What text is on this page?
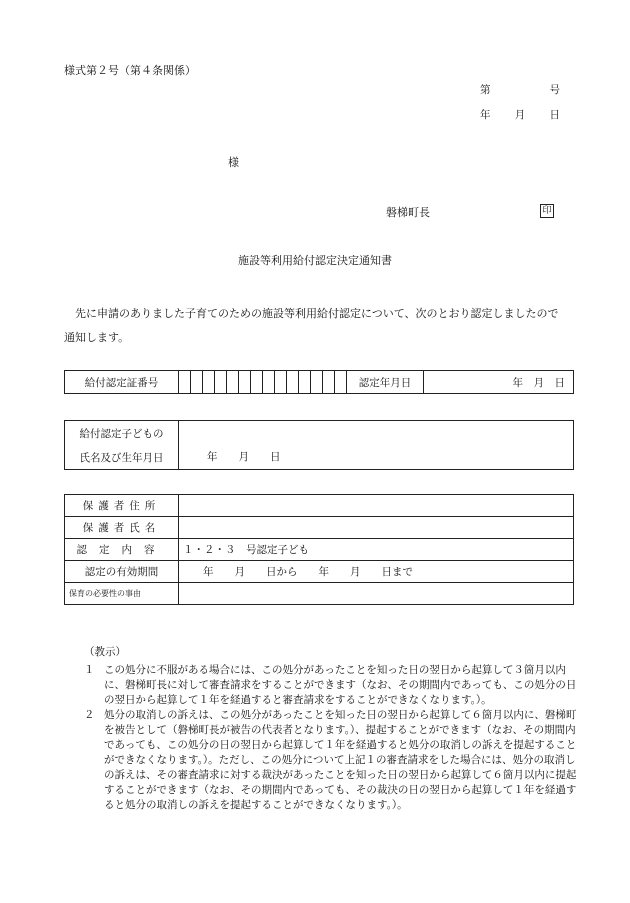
様式第２号（第４条関係）
第	号
年 月 日
様
磐梯町長	印
施設等利用給付認定決定通知書
先に申請のありました子育てのための施設等利用給付認定について、次のとおり認定しましたので通知します。
給付認定証番号															認定年月日	年　月　日
給付認定子どもの	年　　月　　日
氏名及び生年月日
保護者住所	
保護者氏名	
認定内容	１・２・３　号認定子ども
認定の有効期間	年　　月　　日から　　年　　月　　日まで
保育の必要性の事由	
（教示）
１ この処分に不服がある場合には、この処分があったことを知った日の翌日から起算して３箇月以内に、磐梯町長に対して審査請求をすることができます（なお、その期間内であっても、この処分の日の翌日から起算して１年を経過すると審査請求をすることができなくなります。）。
２ 処分の取消しの訴えは、この処分があったことを知った日の翌日から起算して６箇月以内に、磐梯町を被告として（磐梯町長が被告の代表者となります。）、提起することができます（なお、その期間内であっても、この処分の日の翌日から起算して１年を経過すると処分の取消しの訴えを提起することができなくなります。）。ただし、この処分について上記１の審査請求をした場合には、処分の取消しの訴えは、その審査請求に対する裁決があったことを知った日の翌日から起算して６箇月以内に提起することができます（なお、その期間内であっても、その裁決の日の翌日から起算して１年を経過すると処分の取消しの訴えを提起することができなくなります。）。
